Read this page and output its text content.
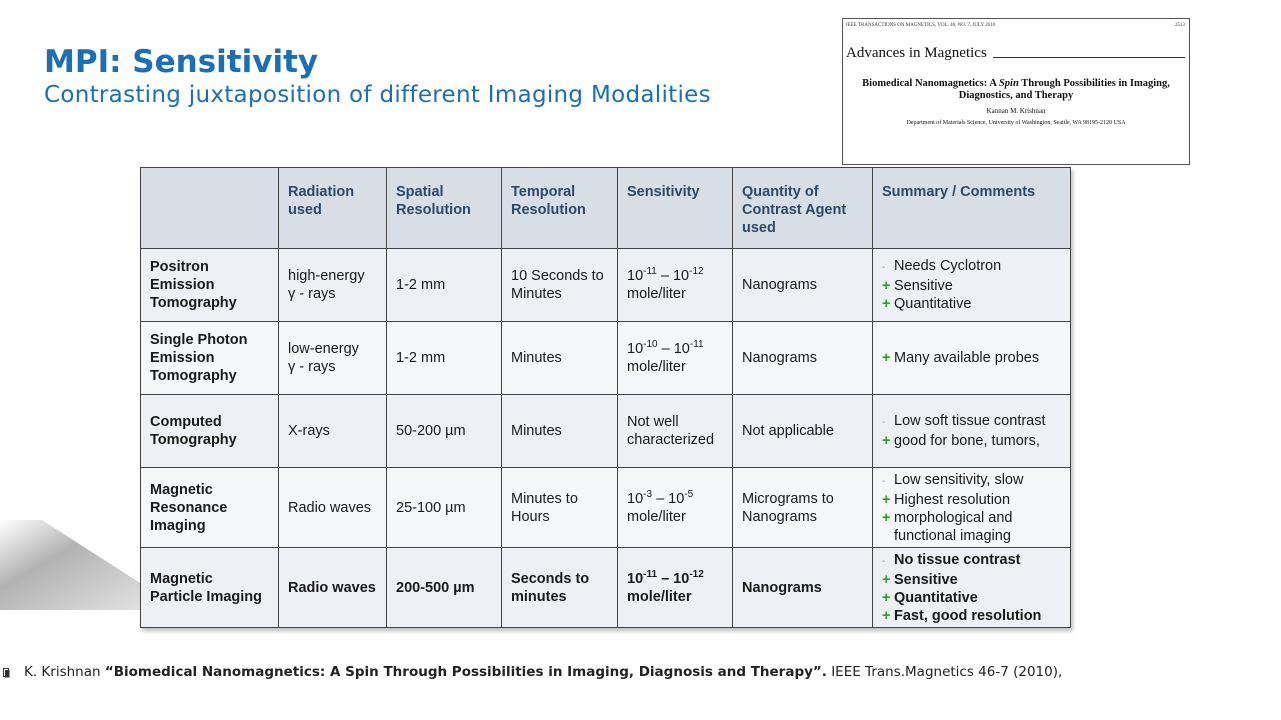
MPI: Sensitivity
Contrasting juxtaposition of different Imaging Modalities
IEEE TRANSACTIONS ON MAGNETICS, VOL. 46, NO. 7, JULY 2010	2513
Advances in Magnetics
Biomedical Nanomagnetics: A Spin Through Possibilities in Imaging, Diagnostics, and Therapy
Kannan M. Krishnan
Department of Materials Science, University of Washington, Seattle, WA 98195-2120 USA
	Radiation used	Spatial Resolution	Temporal Resolution	Sensitivity	Quantity of Contrast Agent used	Summary / Comments
Positron Emission Tomography	high-energy
γ - rays	1-2 mm	10 Seconds to Minutes	$10^{-11} - 10^{-12}$
mole/liter	Nanograms	- Needs Cyclotron
+ Sensitive
+ Quantitative

Single Photon Emission Tomography	low-energy
γ - rays	1-2 mm	Minutes	$10^{-10} - 10^{-11}$
mole/liter	Nanograms	+ Many available probes

Computed Tomography	X-rays	50-200 µm	Minutes	Not well characterized	Not applicable	- Low soft tissue contrast
+ good for bone, tumors,

Magnetic Resonance Imaging	Radio waves	25-100 µm	Minutes to Hours	$10^{-3} - 10^{-5}$
mole/liter	Micrograms to Nanograms	- Low sensitivity, slow
+ Highest resolution
+ morphological and
functional imaging

Magnetic Particle Imaging	Radio waves	200-500 µm	Seconds to minutes	$10^{-11} - 10^{-12}$
mole/liter	Nanograms	- No tissue contrast
+ Sensitive
+ Quantitative
+ Fast, good resolution
K. Krishnan “Biomedical Nanomagnetics: A Spin Through Possibilities in Imaging, Diagnosis and Therapy”. IEEE Trans.Magnetics 46-7 (2010),
